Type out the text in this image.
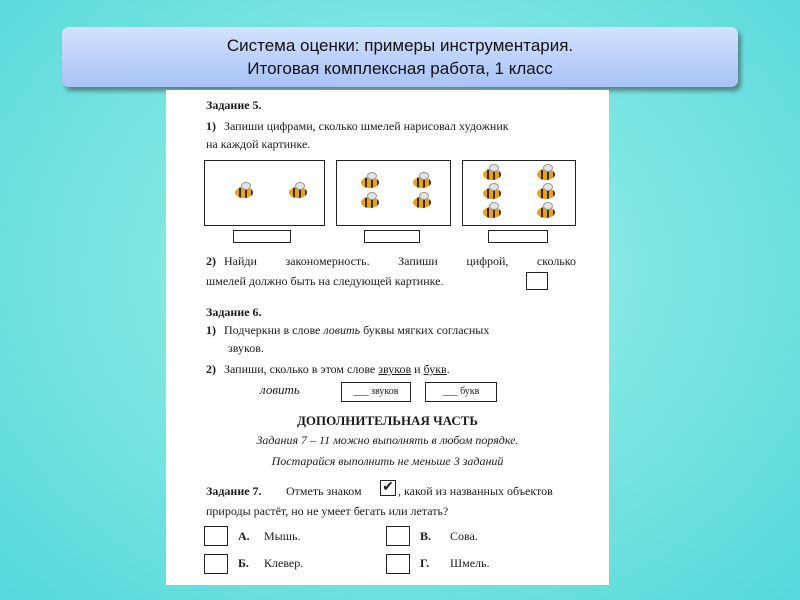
Система оценки: примеры инструментария.
Итоговая комплексная работа, 1 класс
Задание 5.
1) Запиши цифрами, сколько шмелей нарисовал художник
на каждой картинке.
2) Найди закономерность. Запиши цифрой, сколько
шмелей должно быть на следующей картинке.
Задание 6.
1) Подчеркни в слове ловить буквы мягких согласных
звуков.
2) Запиши, сколько в этом слове звуков и букв.
ловить	___ звуков	___ букв
ДОПОЛНИТЕЛЬНАЯ ЧАСТЬ
Задания 7 – 11 можно выполнять в любом порядке.
Постарайся выполнить не меньше 3 заданий
Задание 7. Отметь знаком ✔ , какой из названных объектов
природы растёт, но не умеет бегать или летать?
А. Мышь.	В. Сова.
Б. Клевер.	Г. Шмель.
